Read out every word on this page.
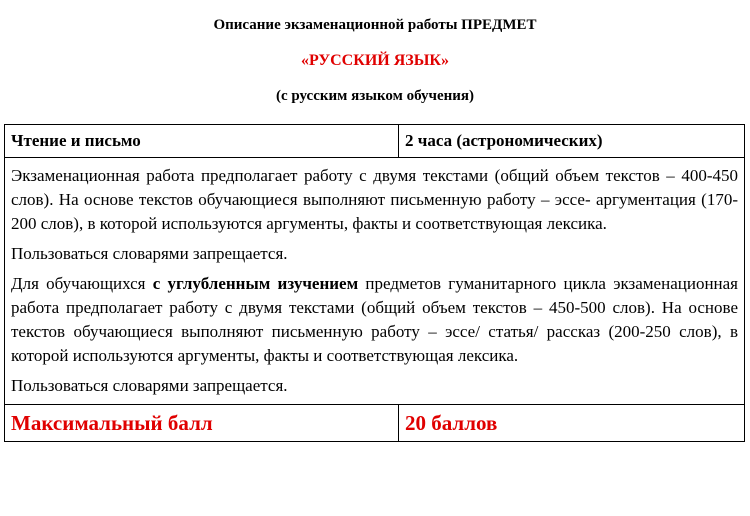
Описание экзаменационной работы ПРЕДМЕТ
«РУССКИЙ ЯЗЫК»
(с русским языком обучения)
Чтение и письмо	2 часа (астрономических)

Экзаменационная работа предполагает работу с двумя текстами (общий объем текстов – 400-450 слов). На основе текстов обучающиеся выполняют письменную работу – эссе- аргументация (170-200 слов), в которой используются аргументы, факты и соответствующая лексика.

Пользоваться словарями запрещается.

Для обучающихся с углубленным изучением предметов гуманитарного цикла экзаменационная работа предполагает работу с двумя текстами (общий объем текстов – 450-500 слов). На основе текстов обучающиеся выполняют письменную работу – эссе/ статья/ рассказ (200-250 слов), в которой используются аргументы, факты и соответствующая лексика.

Пользоваться словарями запрещается.	

Максимальный балл	20 баллов
